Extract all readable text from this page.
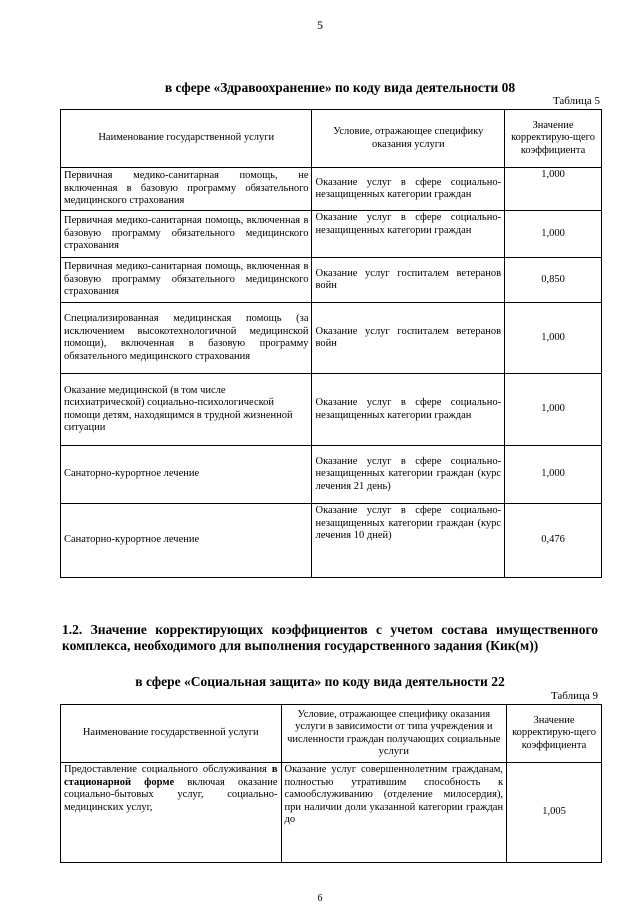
5
в сфере «Здравоохранение» по коду вида деятельности 08
Таблица 5
Наименование государственной услуги	Условие, отражающее специфику оказания услуги	Значение корректирую-щего коэффициента
Первичная медико-санитарная помощь, не включенная в базовую программу обязательного медицинского страхования	Оказание услуг в сфере социально-незащищенных категории граждан	1,000
Первичная медико-санитарная помощь, включенная в базовую программу обязательного медицинского страхования	Оказание услуг в сфере социально-незащищенных категории граждан	1,000
Первичная медико-санитарная помощь, включенная в базовую программу обязательного медицинского страхования	Оказание услуг госпиталем ветеранов войн	0,850
Специализированная медицинская помощь (за исключением высокотехнологичной медицинской помощи), включенная в базовую программу обязательного медицинского страхования	Оказание услуг госпиталем ветеранов войн	1,000
Оказание медицинской (в том числе психиатрической) социально-психологической помощи детям, находящимся в трудной жизненной ситуации	Оказание услуг в сфере социально-незащищенных категории граждан	1,000
Санаторно-курортное лечение	Оказание услуг в сфере социально-незащищенных категории граждан (курс лечения 21 день)	1,000
Санаторно-курортное лечение	Оказание услуг в сфере социально-незащищенных категории граждан (курс лечения 10 дней)	0,476
1.2. Значение корректирующих коэффициентов с учетом состава имущественного комплекса, необходимого для выполнения государственного задания (Кик(м))
в сфере «Социальная защита» по коду вида деятельности 22
Таблица 9
Наименование государственной услуги	Условие, отражающее специфику оказания услуги в зависимости от типа учреждения и численности граждан получающих социальные услуги	Значение корректирую-щего коэффициента
Предоставление социального обслуживания в стационарной форме включая оказание социально-бытовых услуг, социально-медицинских услуг,	Оказание услуг совершеннолетним гражданам, полностью утратившим способность к самообслуживанию (отделение милосердия), при наличии доли указанной категории граждан до	1,005
6
